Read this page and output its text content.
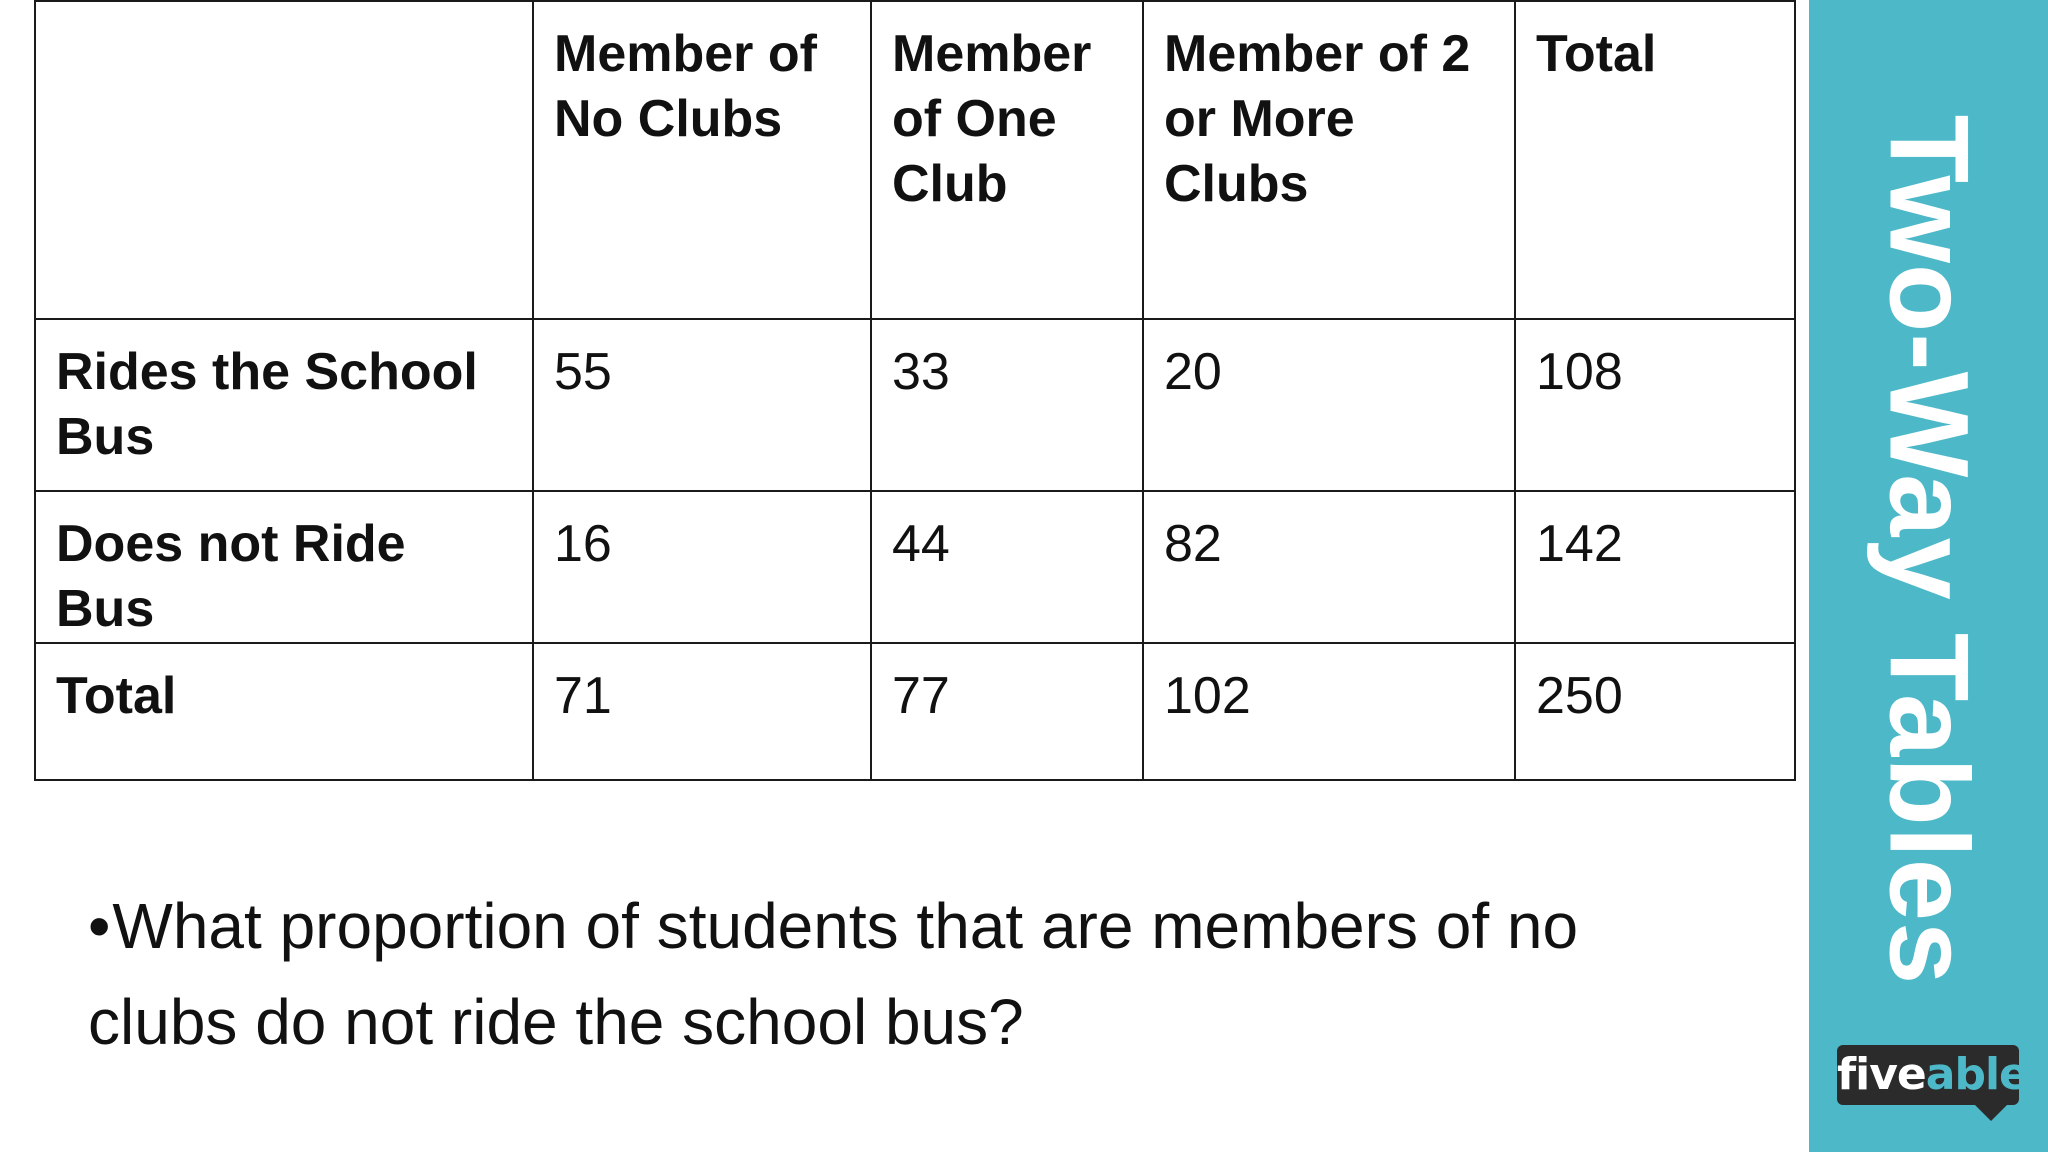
	Member of No Clubs	Member of One Club	Member of 2 or More Clubs	Total
Rides the School Bus	55	33	20	108
Does not Ride Bus	16	44	82	142
Total	71	77	102	250

•What proportion of students that are members of no clubs do not ride the school bus?

Two-Way Tables
fiveable
